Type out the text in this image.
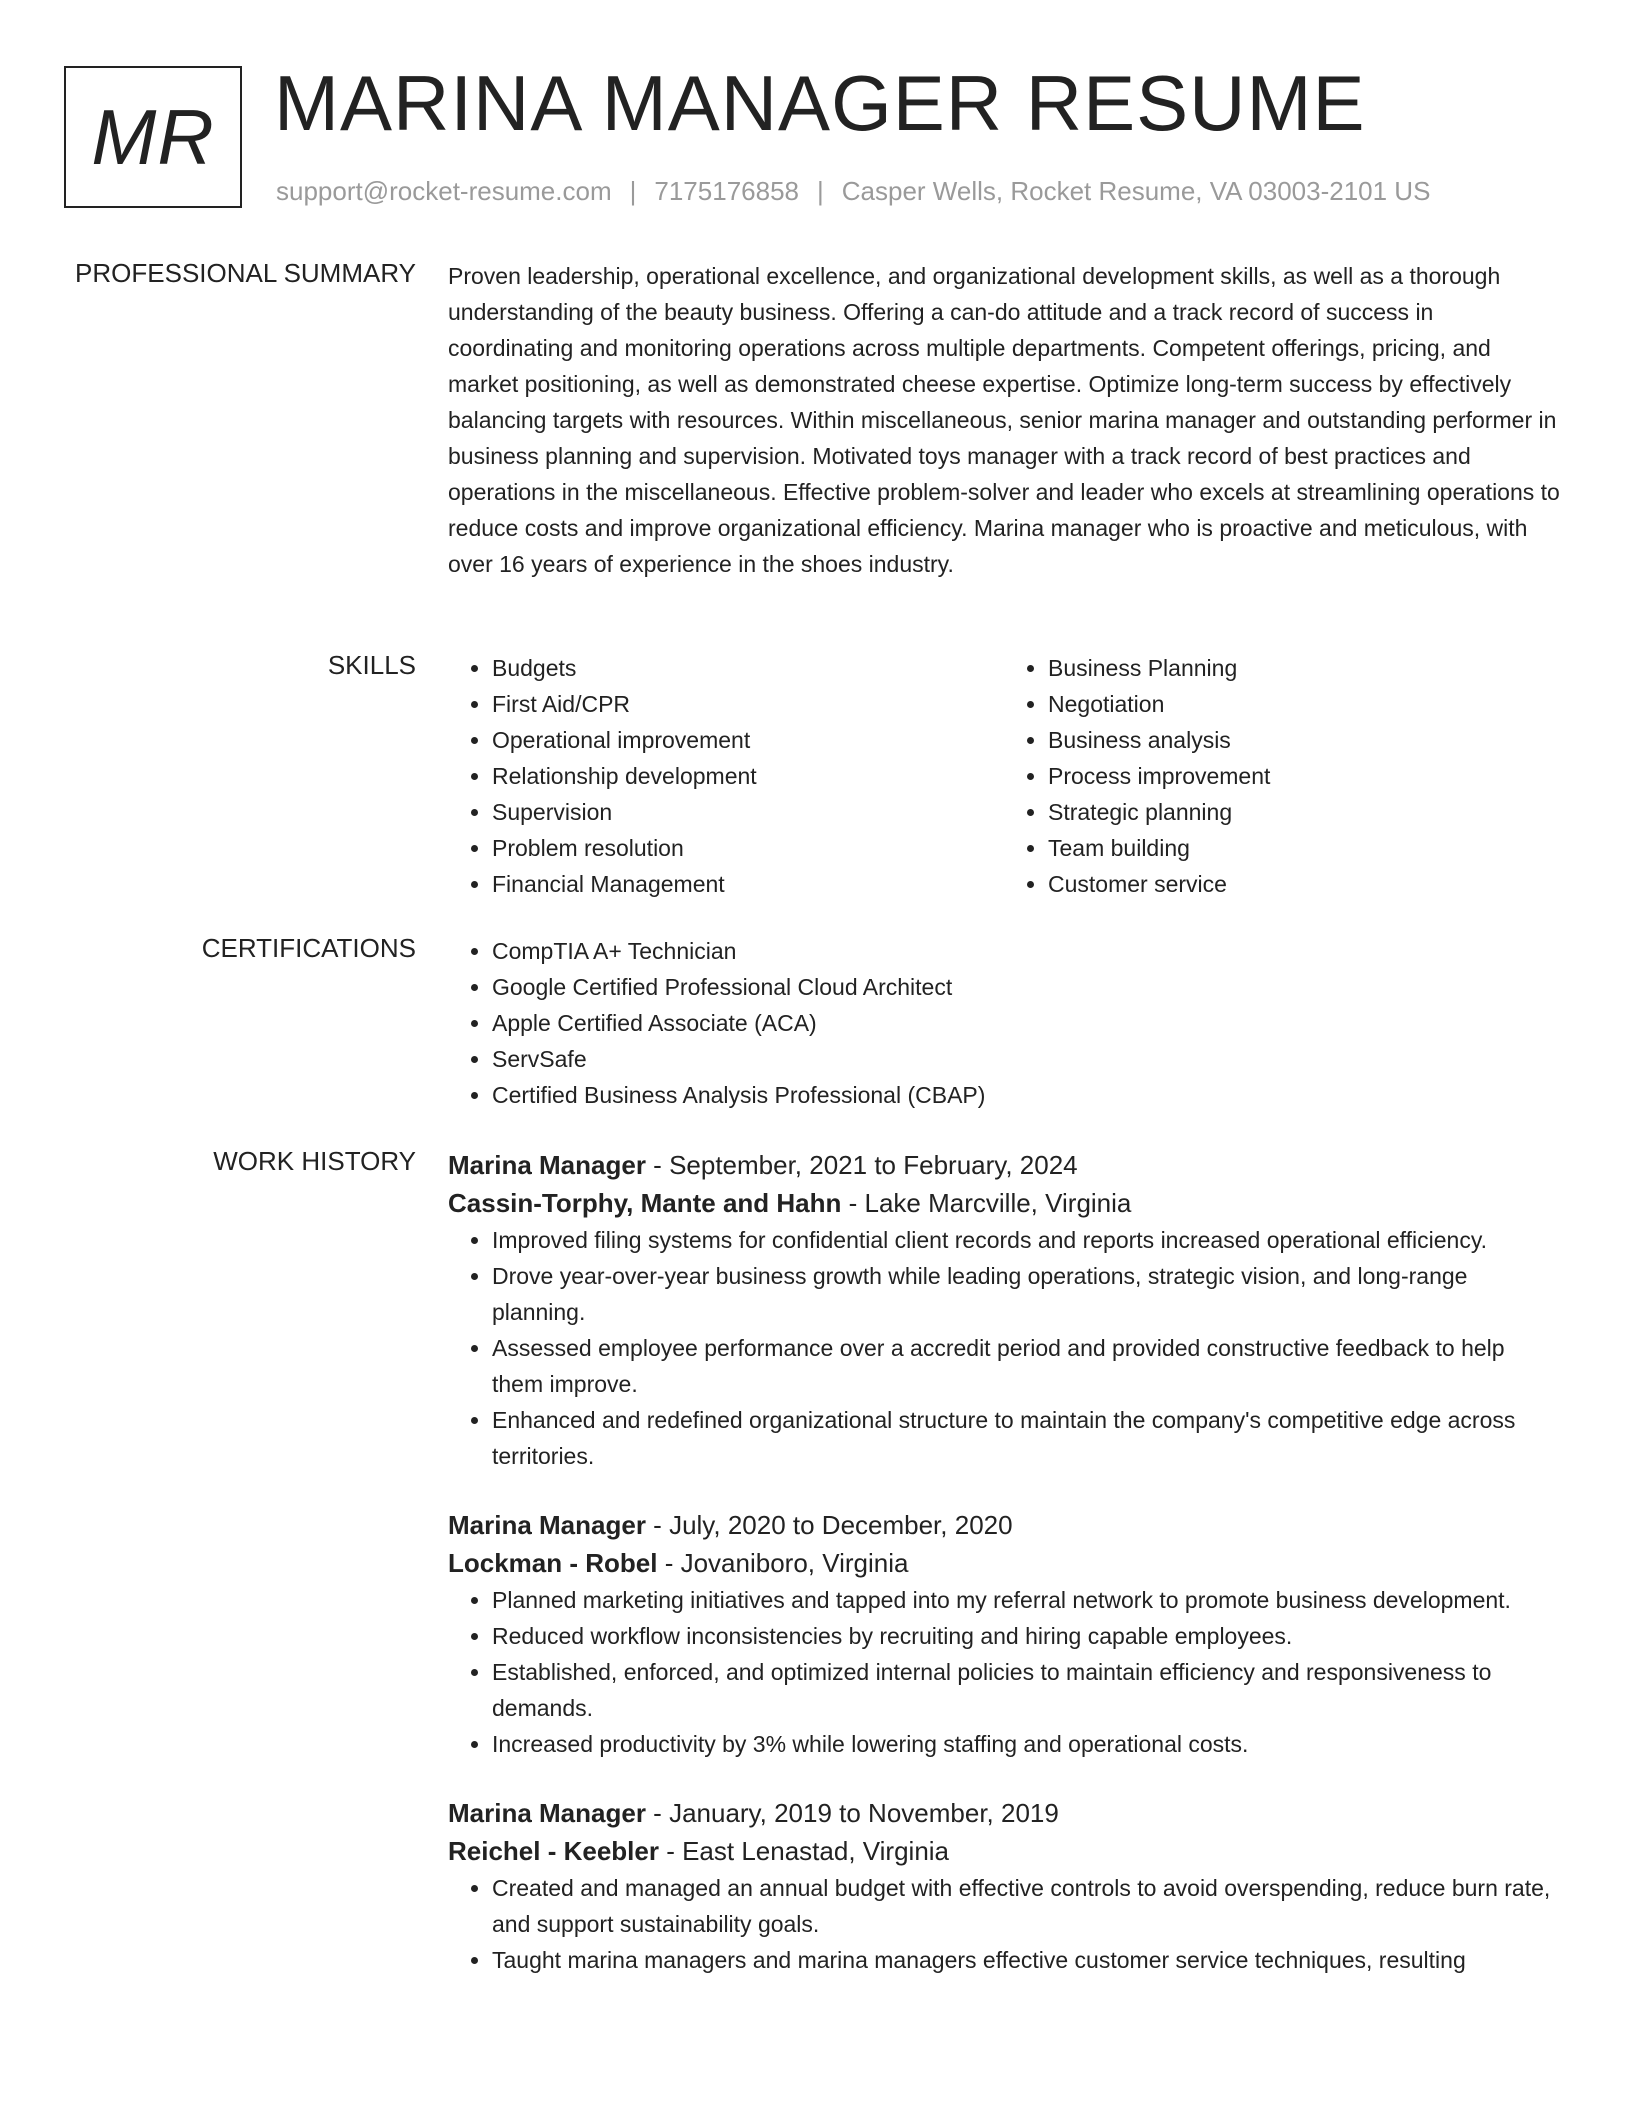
MR MARINA MANAGER RESUME
support@rocket-resume.com | 7175176858 | Casper Wells, Rocket Resume, VA 03003-2101 US
PROFESSIONAL SUMMARY Proven leadership, operational excellence, and organizational development skills, as well as a thorough understanding of the beauty business. Offering a can-do attitude and a track record of success in coordinating and monitoring operations across multiple departments. Competent offerings, pricing, and market positioning, as well as demonstrated cheese expertise. Optimize long-term success by effectively balancing targets with resources. Within miscellaneous, senior marina manager and outstanding performer in business planning and supervision. Motivated toys manager with a track record of best practices and operations in the miscellaneous. Effective problem-solver and leader who excels at streamlining operations to reduce costs and improve organizational efficiency. Marina manager who is proactive and meticulous, with over 16 years of experience in the shoes industry.

SKILLS	• Budgets
• First Aid/CPR
• Operational improvement
• Relationship development
• Supervision
• Problem resolution
• Financial Management
• Business Planning
• Negotiation
• Business analysis
• Process improvement
• Strategic planning
• Team building
• Customer service
CERTIFICATIONS	• CompTIA A+ Technician
• Google Certified Professional Cloud Architect
• Apple Certified Associate (ACA)
• ServSafe
• Certified Business Analysis Professional (CBAP)
WORK HISTORY Marina Manager - September, 2021 to February, 2024
Cassin-Torphy, Mante and Hahn - Lake Marcville, Virginia
• Improved filing systems for confidential client records and reports increased operational efficiency.
• Drove year-over-year business growth while leading operations, strategic vision, and long-range planning.
• Assessed employee performance over a accredit period and provided constructive feedback to help them improve.
• Enhanced and redefined organizational structure to maintain the company's competitive edge across territories.
Marina Manager - July, 2020 to December, 2020
Lockman - Robel - Jovaniboro, Virginia
• Planned marketing initiatives and tapped into my referral network to promote business development.
• Reduced workflow inconsistencies by recruiting and hiring capable employees.
• Established, enforced, and optimized internal policies to maintain efficiency and responsiveness to demands.
• Increased productivity by 3% while lowering staffing and operational costs.
Marina Manager - January, 2019 to November, 2019
Reichel - Keebler - East Lenastad, Virginia
• Created and managed an annual budget with effective controls to avoid overspending, reduce burn rate, and support sustainability goals.
• Taught marina managers and marina managers effective customer service techniques, resulting
